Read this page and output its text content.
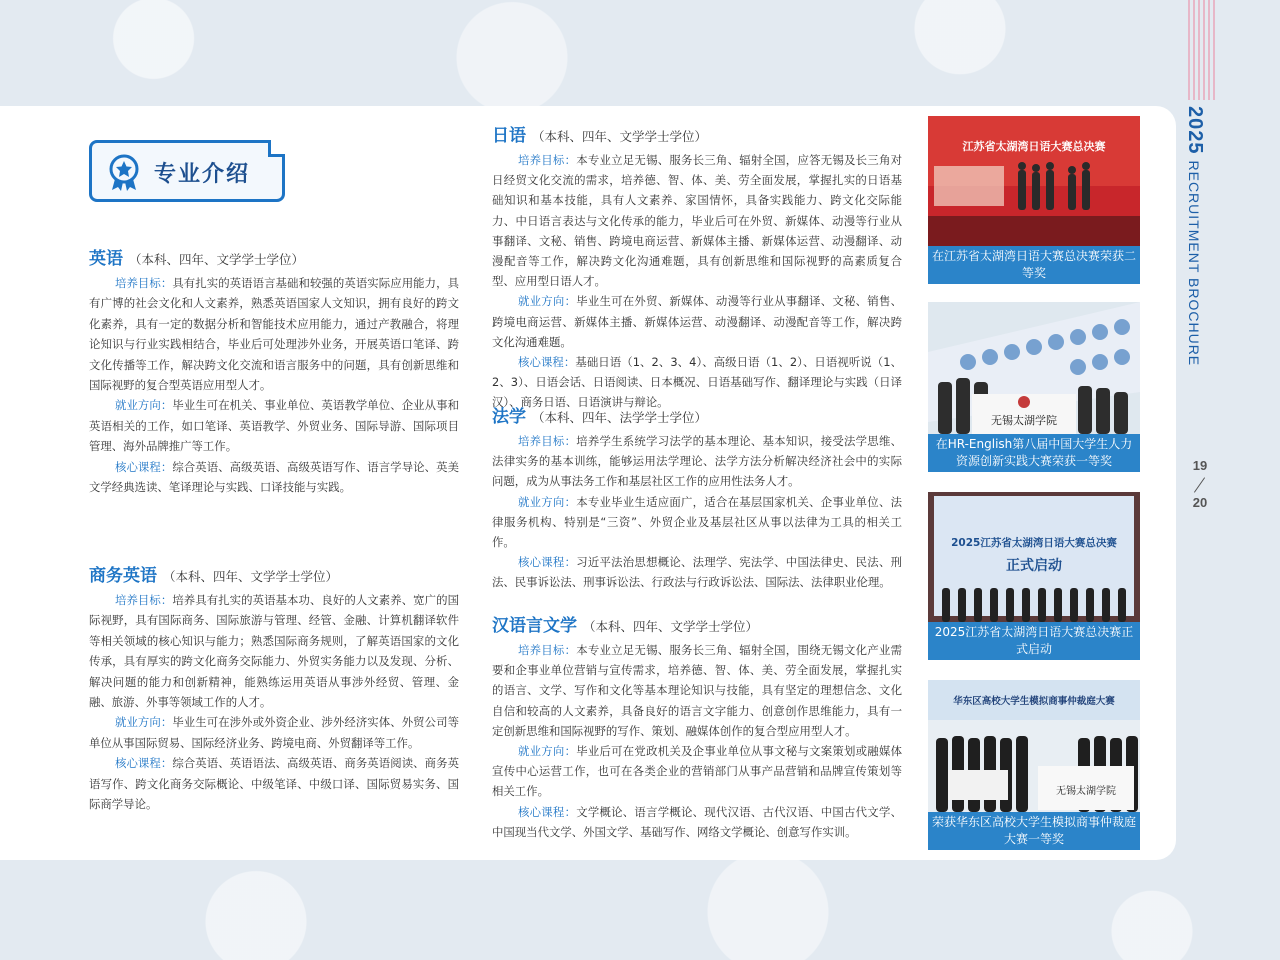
2025RECRUITMENT BROCHURE
19
20
专业介绍
英语 （本科、四年、文学学士学位）

培养目标：具有扎实的英语语言基础和较强的英语实际应用能力，具有广博的社会文化和人文素养，熟悉英语国家人文知识，拥有良好的跨文化素养，具有一定的数据分析和智能技术应用能力，通过产教融合，将理论知识与行业实践相结合，毕业后可处理涉外业务，开展英语口笔译、跨文化传播等工作，解决跨文化交流和语言服务中的问题，具有创新思维和国际视野的复合型英语应用型人才。

就业方向：毕业生可在机关、事业单位、英语教学单位、企业从事和英语相关的工作，如口笔译、英语教学、外贸业务、国际导游、国际项目管理、海外品牌推广等工作。

核心课程：综合英语、高级英语、高级英语写作、语言学导论、英美文学经典选读、笔译理论与实践、口译技能与实践。

商务英语 （本科、四年、文学学士学位）

培养目标：培养具有扎实的英语基本功、良好的人文素养、宽广的国际视野，具有国际商务、国际旅游与管理、经管、金融、计算机翻译软件等相关领域的核心知识与能力；熟悉国际商务规则，了解英语国家的文化传承，具有厚实的跨文化商务交际能力、外贸实务能力以及发现、分析、解决问题的能力和创新精神，能熟练运用英语从事涉外经贸、管理、金融、旅游、外事等领域工作的人才。

就业方向：毕业生可在涉外或外资企业、涉外经济实体、外贸公司等单位从事国际贸易、国际经济业务、跨境电商、外贸翻译等工作。

核心课程：综合英语、英语语法、高级英语、商务英语阅读、商务英语写作、跨文化商务交际概论、中级笔译、中级口译、国际贸易实务、国际商学导论。

日语 （本科、四年、文学学士学位）

培养目标：本专业立足无锡、服务长三角、辐射全国，应答无锡及长三角对日经贸文化交流的需求，培养德、智、体、美、劳全面发展，掌握扎实的日语基础知识和基本技能，具有人文素养、家国情怀，具备实践能力、跨文化交际能力、中日语言表达与文化传承的能力，毕业后可在外贸、新媒体、动漫等行业从事翻译、文秘、销售、跨境电商运营、新媒体主播、新媒体运营、动漫翻译、动漫配音等工作，解决跨文化沟通难题，具有创新思维和国际视野的高素质复合型、应用型日语人才。

就业方向：毕业生可在外贸、新媒体、动漫等行业从事翻译、文秘、销售、跨境电商运营、新媒体主播、新媒体运营、动漫翻译、动漫配音等工作，解决跨文化沟通难题。

核心课程：基础日语（1、2、3、4）、高级日语（1、2）、日语视听说（1、2、3）、日语会话、日语阅读、日本概况、日语基础写作、翻译理论与实践（日译汉）、商务日语、日语演讲与辩论。

法学 （本科、四年、法学学士学位）

培养目标：培养学生系统学习法学的基本理论、基本知识，接受法学思维、法律实务的基本训练，能够运用法学理论、法学方法分析解决经济社会中的实际问题，成为从事法务工作和基层社区工作的应用性法务人才。

就业方向：本专业毕业生适应面广，适合在基层国家机关、企事业单位、法律服务机构、特别是“三资”、外贸企业及基层社区从事以法律为工具的相关工作。

核心课程：习近平法治思想概论、法理学、宪法学、中国法律史、民法、刑法、民事诉讼法、刑事诉讼法、行政法与行政诉讼法、国际法、法律职业伦理。

汉语言文学 （本科、四年、文学学士学位）

培养目标：本专业立足无锡、服务长三角、辐射全国，围绕无锡文化产业需要和企事业单位营销与宣传需求，培养德、智、体、美、劳全面发展，掌握扎实的语言、文学、写作和文化等基本理论知识与技能，具有坚定的理想信念、文化自信和较高的人文素养，具备良好的语言文字能力、创意创作思维能力，具有一定创新思维和国际视野的写作、策划、融媒体创作的复合型应用型人才。

就业方向：毕业后可在党政机关及企事业单位从事文秘与文案策划或融媒体宣传中心运营工作，也可在各类企业的营销部门从事产品营销和品牌宣传策划等相关工作。

核心课程：文学概论、语言学概论、现代汉语、古代汉语、中国古代文学、中国现当代文学、外国文学、基础写作、网络文学概论、创意写作实训。

江苏省太湖湾日语大赛总决赛
在江苏省太湖湾日语大赛总决赛荣获二等奖
无锡太湖学院
在HR-English第八届中国大学生人力资源创新实践大赛荣获一等奖
2025江苏省太湖湾日语大赛总决赛
正式启动
2025江苏省太湖湾日语大赛总决赛正式启动
华东区高校大学生模拟商事仲裁庭大赛
无锡太湖学院
荣获华东区高校大学生模拟商事仲裁庭大赛一等奖
